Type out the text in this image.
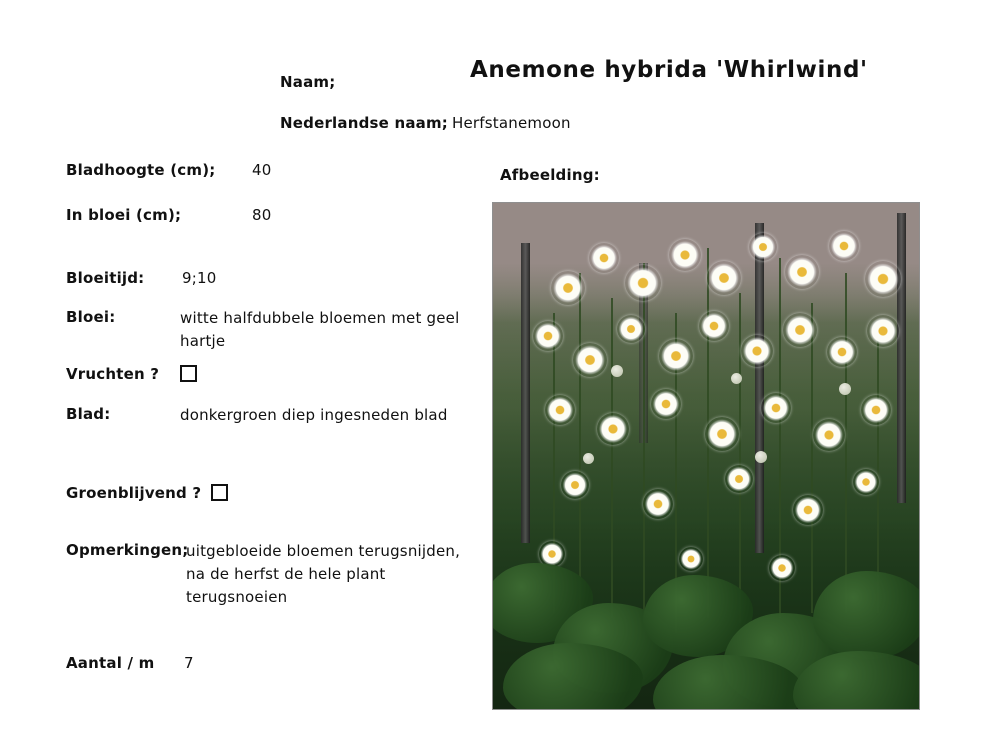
Anemone hybrida 'Whirlwind'
Naam;
Nederlandse naam; Herfstanemoon
Bladhoogte (cm); 40
In bloei (cm);	80
Bloeitijd:	9;10
Bloei:	witte halfdubbele bloemen met geel
hartje
Vruchten ?
Blad:	donkergroen diep ingesneden blad
Groenblijvend ?
Opmerkingen;
uitgebloeide bloemen terugsnijden,
na de herfst de hele plant
terugsnoeien
Aantal / m 7
Afbeelding:
